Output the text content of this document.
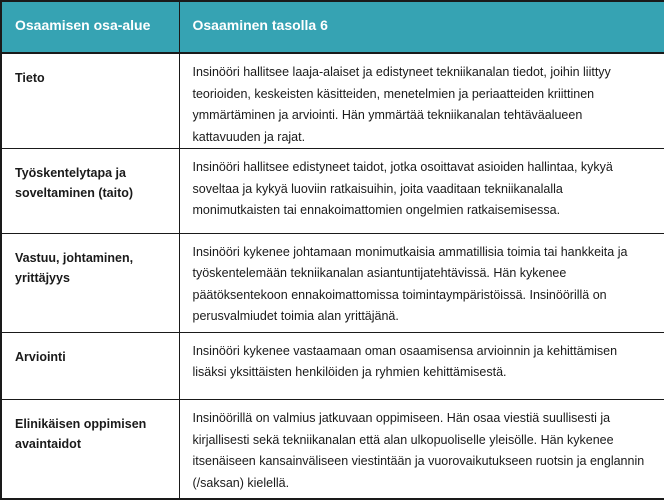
Osaamisen osa-alue	Osaaminen tasolla 6
Tieto	Insinööri hallitsee laaja-alaiset ja edistyneet tekniikanalan tiedot, joihin liittyy teorioiden, keskeisten käsitteiden, menetelmien ja periaatteiden kriittinen ymmärtäminen ja arviointi. Hän ymmärtää tekniikanalan tehtäväalueen kattavuuden ja rajat.
Työskentelytapa ja soveltaminen (taito)	Insinööri hallitsee edistyneet taidot, jotka osoittavat asioiden hallintaa, kykyä soveltaa ja kykyä luoviin ratkaisuihin, joita vaaditaan tekniikanalalla monimutkaisten tai ennakoimattomien ongelmien ratkaisemisessa.
Vastuu, johtaminen, yrittäjyys	Insinööri kykenee johtamaan monimutkaisia ammatillisia toimia tai hankkeita ja työskentelemään tekniikanalan asiantuntijatehtävissä. Hän kykenee päätöksentekoon ennakoimattomissa toimintaympäristöissä. Insinöörillä on perusvalmiudet toimia alan yrittäjänä.
Arviointi	Insinööri kykenee vastaamaan oman osaamisensa arvioinnin ja kehittämisen lisäksi yksittäisten henkilöiden ja ryhmien kehittämisestä.
Elinikäisen oppimisen avaintaidot	Insinöörillä on valmius jatkuvaan oppimiseen. Hän osaa viestiä suullisesti ja kirjallisesti sekä tekniikanalan että alan ulkopuoliselle yleisölle. Hän kykenee itsenäiseen kansainväliseen viestintään ja vuorovaikutukseen ruotsin ja englannin (/saksan) kielellä.
